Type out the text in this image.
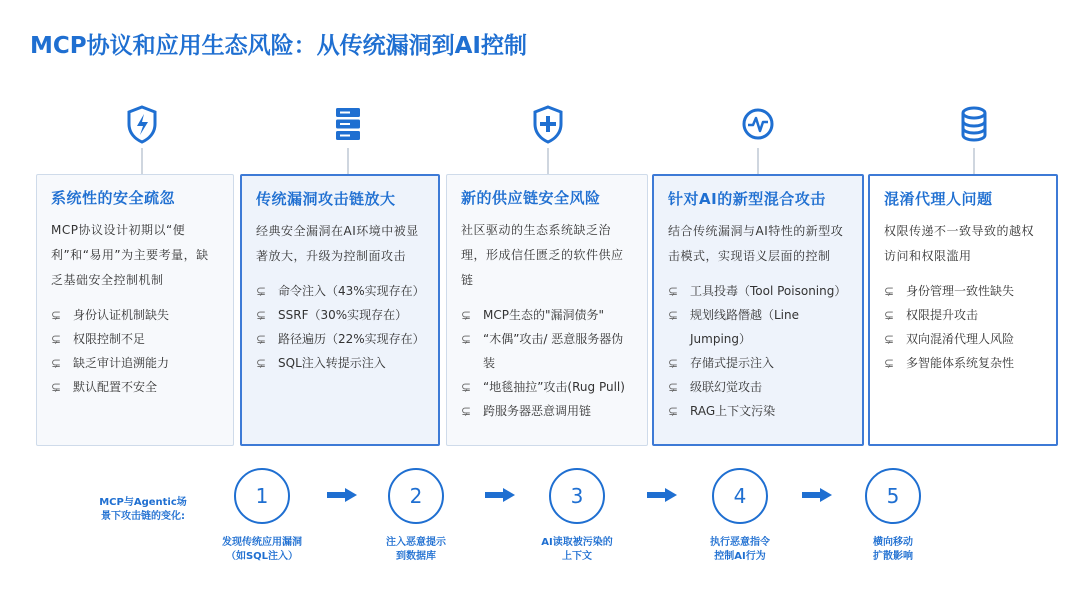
MCP协议和应用生态风险：从传统漏洞到AI控制
系统性的安全疏忽
MCP协议设计初期以“便利”和“易用”为主要考量，缺乏基础安全控制机制
⊊ 身份认证机制缺失
⊊ 权限控制不足
⊊ 缺乏审计追溯能力
⊊ 默认配置不安全
传统漏洞攻击链放大
经典安全漏洞在AI环境中被显著放大，升级为控制面攻击
⊊ 命令注入（43%实现存在）
⊊ SSRF（30%实现存在）
⊊ 路径遍历（22%实现存在）
⊊ SQL注入转提示注入
新的供应链安全风险
社区驱动的生态系统缺乏治理，形成信任匮乏的软件供应链
⊊ MCP生态的"漏洞债务"
⊊ “木偶”攻击/ 恶意服务器伪装
⊊ “地毯抽拉”攻击(Rug Pull)
⊊ 跨服务器恶意调用链
针对AI的新型混合攻击
结合传统漏洞与AI特性的新型攻击模式，实现语义层面的控制
⊊ 工具投毒（Tool Poisoning）
⊊ 规划线路僭越（Line Jumping）
⊊ 存储式提示注入
⊊ 级联幻觉攻击
⊊ RAG上下文污染
混淆代理人问题
权限传递不一致导致的越权访问和权限滥用
⊊ 身份管理一致性缺失
⊊ 权限提升攻击
⊊ 双向混淆代理人风险
⊊ 多智能体系统复杂性
MCP与Agentic场
景下攻击链的变化:
1	2	3	4	5
发现传统应用漏洞
（如SQL注入）
注入恶意提示
到数据库
AI读取被污染的
上下文
执行恶意指令
控制AI行为
横向移动
扩散影响
